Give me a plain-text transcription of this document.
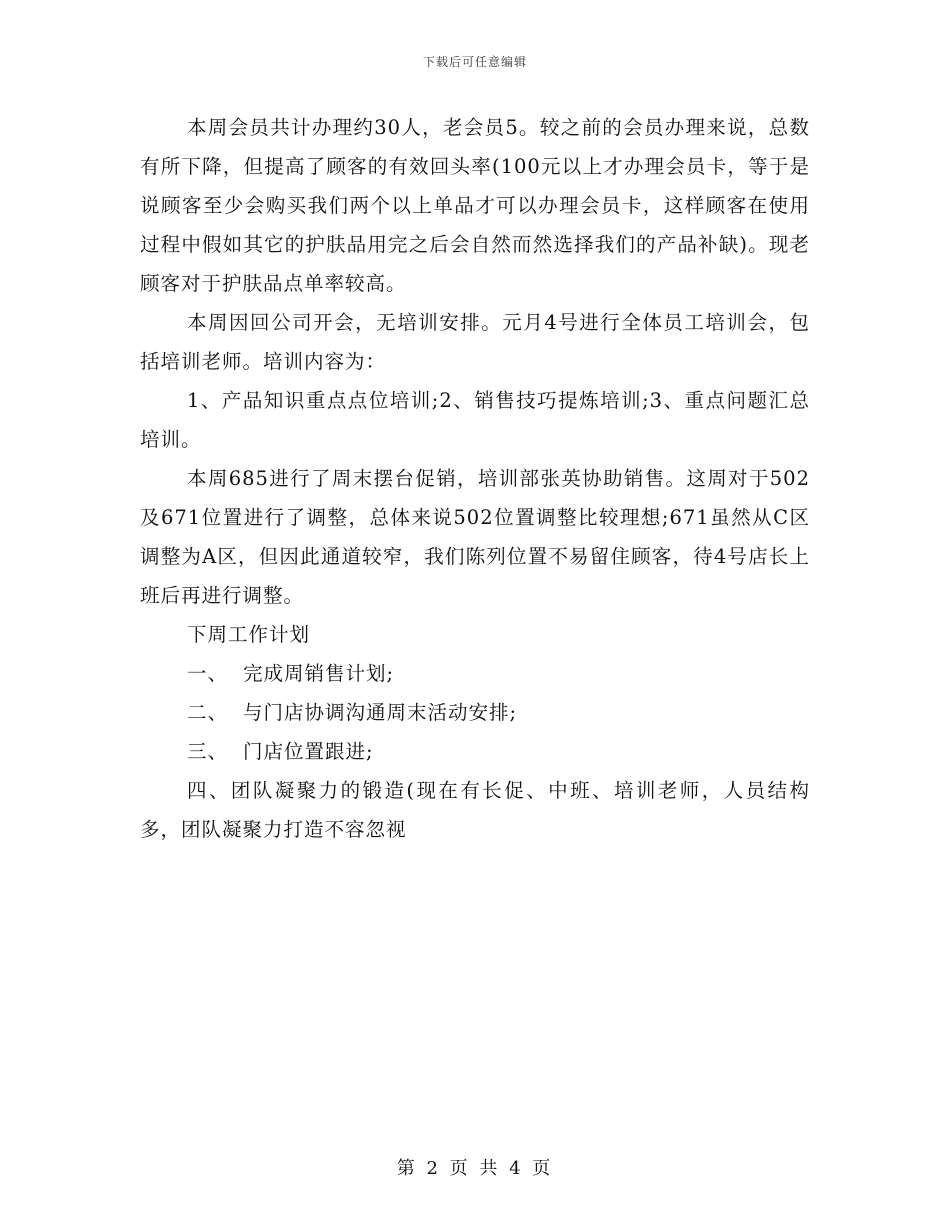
下载后可任意编辑

本周会员共计办理约30人，老会员5。较之前的会员办理来说，总数有所下降，但提高了顾客的有效回头率(100元以上才办理会员卡，等于是说顾客至少会购买我们两个以上单品才可以办理会员卡，这样顾客在使用过程中假如其它的护肤品用完之后会自然而然选择我们的产品补缺)。现老顾客对于护肤品点单率较高。

本周因回公司开会，无培训安排。元月4号进行全体员工培训会，包括培训老师。培训内容为：

1、产品知识重点点位培训;2、销售技巧提炼培训;3、重点问题汇总培训。

本周685进行了周末摆台促销，培训部张英协助销售。这周对于502及671位置进行了调整，总体来说502位置调整比较理想;671虽然从C区调整为A区，但因此通道较窄，我们陈列位置不易留住顾客，待4号店长上班后再进行调整。

下周工作计划

一、 完成周销售计划;

二、 与门店协调沟通周末活动安排;

三、 门店位置跟进;

四、团队凝聚力的锻造(现在有长促、中班、培训老师，人员结构多，团队凝聚力打造不容忽视

第 2 页 共 4 页
